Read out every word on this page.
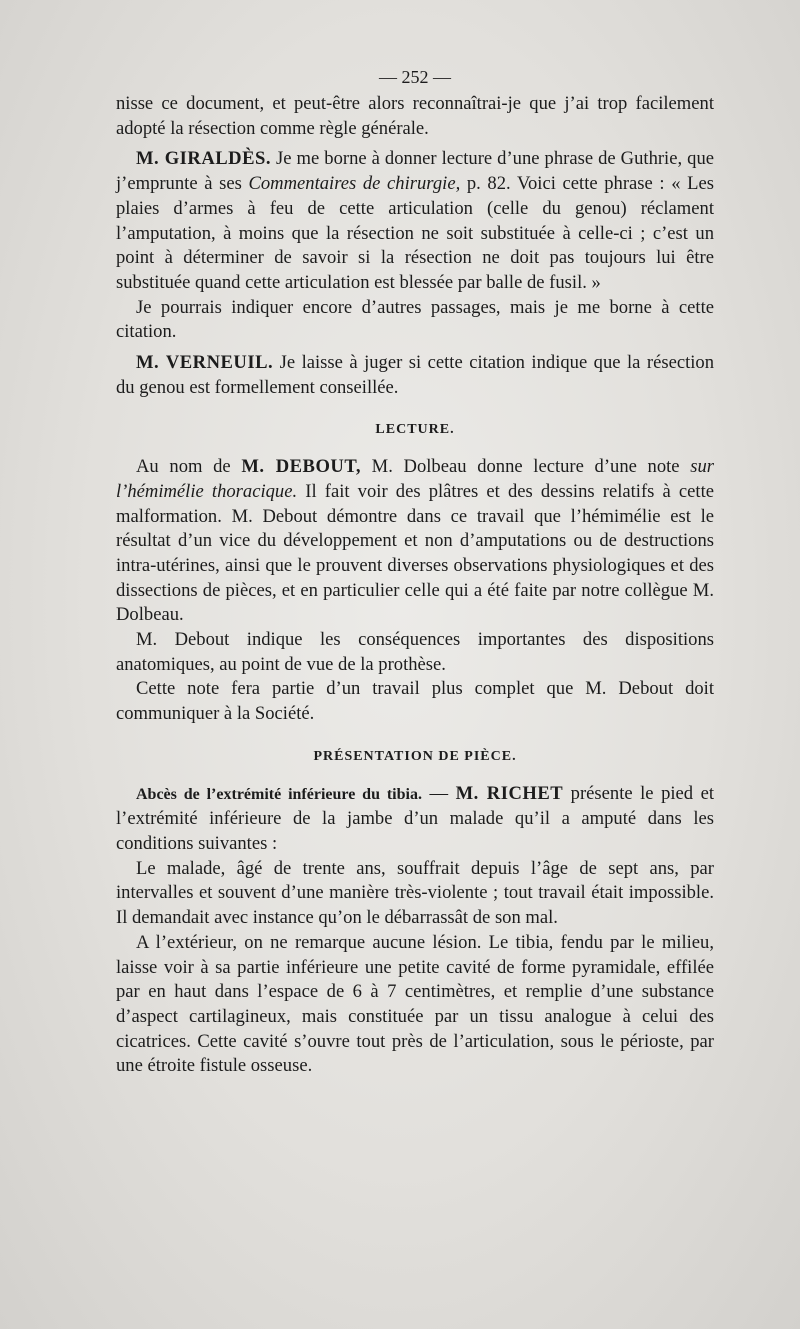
— 252 —

nisse ce document, et peut-être alors reconnaîtrai-je que j’ai trop facilement adopté la résection comme règle générale.

M. GIRALDÈS. Je me borne à donner lecture d’une phrase de Guthrie, que j’emprunte à ses Commentaires de chirurgie, p. 82. Voici cette phrase : « Les plaies d’armes à feu de cette articulation (celle du genou) réclament l’amputation, à moins que la résection ne soit substituée à celle-ci ; c’est un point à déterminer de savoir si la résection ne doit pas toujours lui être substituée quand cette articulation est blessée par balle de fusil. »

Je pourrais indiquer encore d’autres passages, mais je me borne à cette citation.

M. VERNEUIL. Je laisse à juger si cette citation indique que la résection du genou est formellement conseillée.

LECTURE.

Au nom de M. DEBOUT, M. Dolbeau donne lecture d’une note sur l’hémimélie thoracique. Il fait voir des plâtres et des dessins relatifs à cette malformation. M. Debout démontre dans ce travail que l’hémimélie est le résultat d’un vice du développement et non d’amputations ou de destructions intra-utérines, ainsi que le prouvent diverses observations physiologiques et des dissections de pièces, et en particulier celle qui a été faite par notre collègue M. Dolbeau.

M. Debout indique les conséquences importantes des dispositions anatomiques, au point de vue de la prothèse.

Cette note fera partie d’un travail plus complet que M. Debout doit communiquer à la Société.

PRÉSENTATION DE PIÈCE.

Abcès de l’extrémité inférieure du tibia. — M. RICHET présente le pied et l’extrémité inférieure de la jambe d’un malade qu’il a amputé dans les conditions suivantes :

Le malade, âgé de trente ans, souffrait depuis l’âge de sept ans, par intervalles et souvent d’une manière très-violente ; tout travail était impossible. Il demandait avec instance qu’on le débarrassât de son mal.

A l’extérieur, on ne remarque aucune lésion. Le tibia, fendu par le milieu, laisse voir à sa partie inférieure une petite cavité de forme pyramidale, effilée par en haut dans l’espace de 6 à 7 centimètres, et remplie d’une substance d’aspect cartilagineux, mais constituée par un tissu analogue à celui des cicatrices. Cette cavité s’ouvre tout près de l’articulation, sous le périoste, par une étroite fistule osseuse.
